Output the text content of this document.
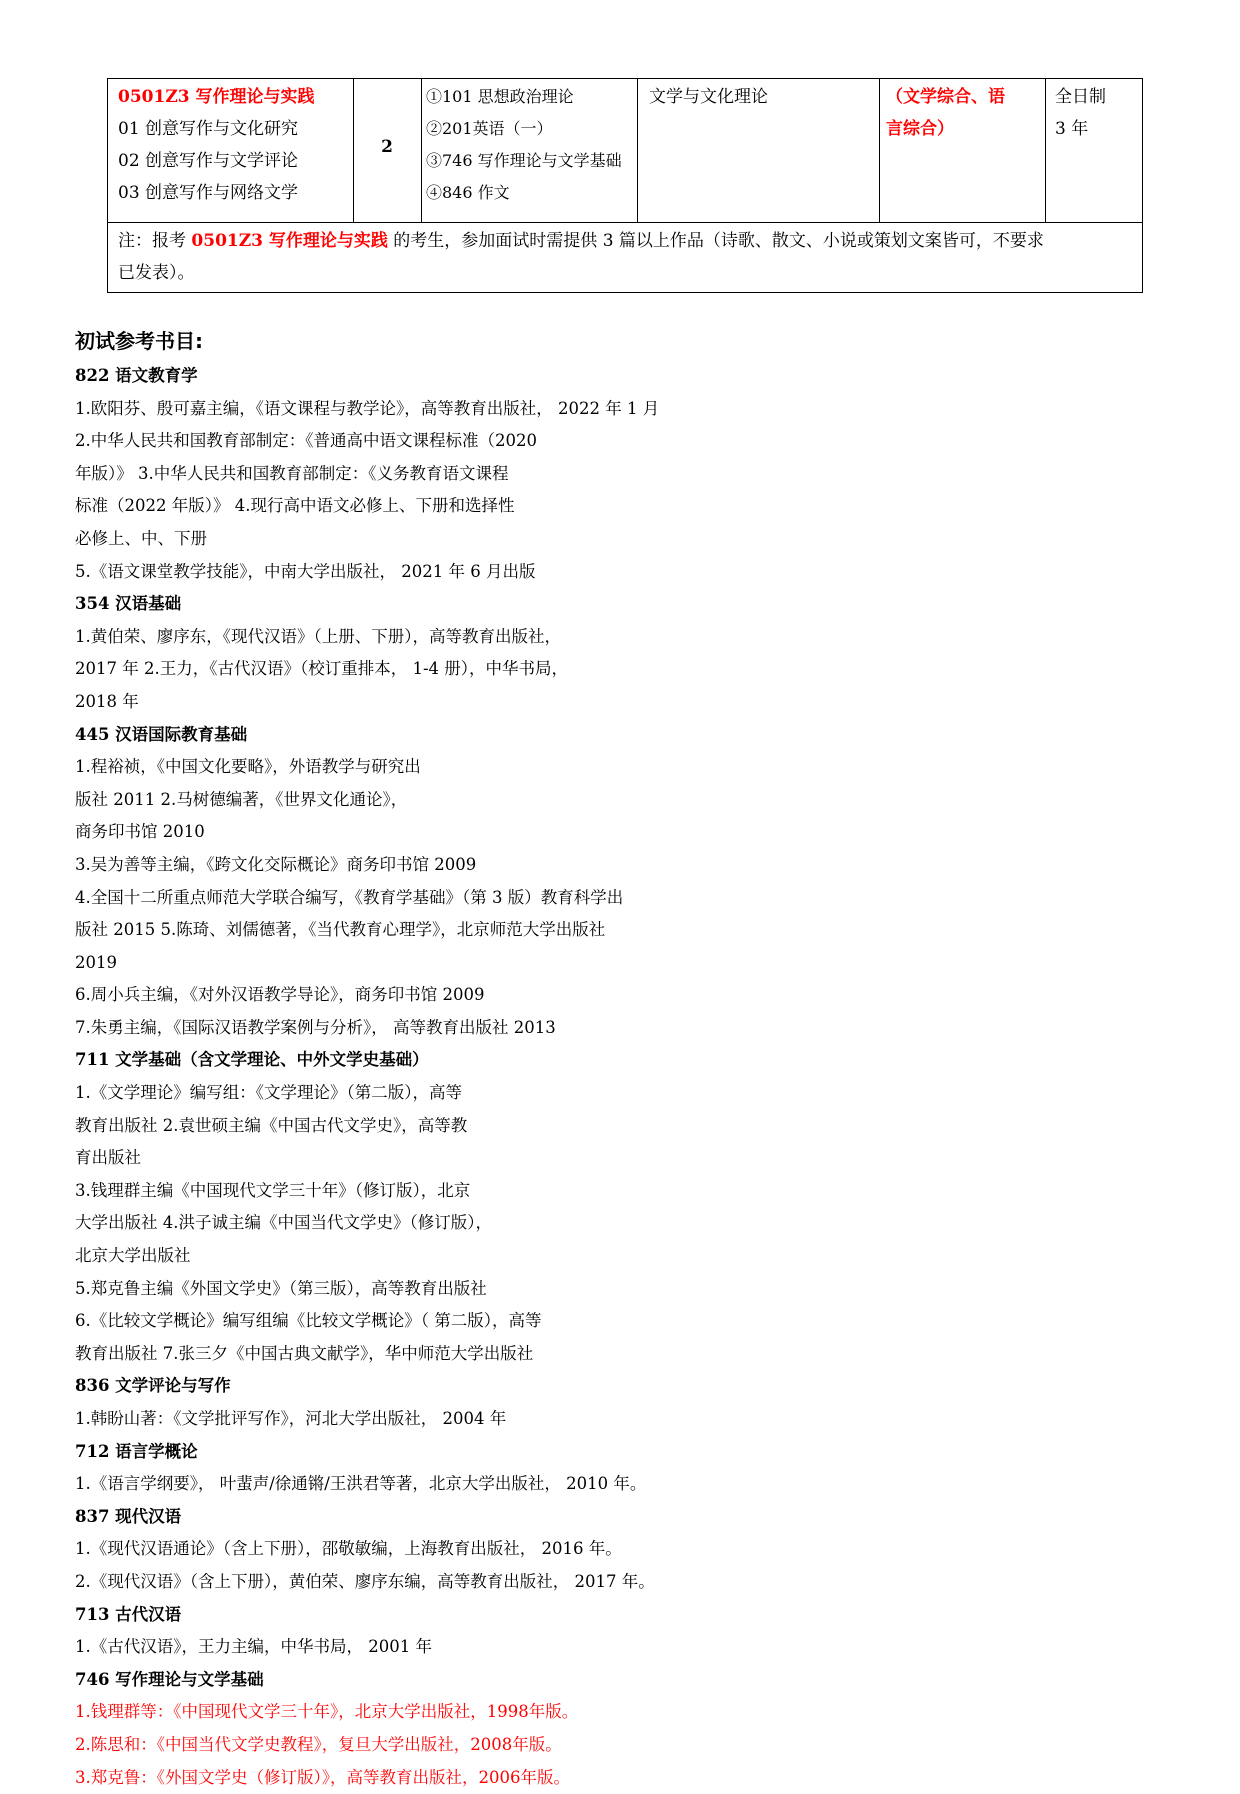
0501Z3 写作理论与实践
01 创意写作与文化研究
02 创意写作与文学评论
03 创意写作与网络文学
2
①101 思想政治理论
②201英语（一）
③746 写作理论与文学基础
④846 作文
文学与文化理论	（文学综合、语
言综合）
全日制
3 年
注：报考 0501Z3 写作理论与实践 的考生，参加面试时需提供 3 篇以上作品（诗歌、散文、小说或策划文案皆可，不要求
已发表）。
初试参考书目:
822 语文教育学
1.欧阳芬、殷可嘉主编，《语文课程与教学论》，高等教育出版社， 2022 年 1 月
2.中华人民共和国教育部制定：《普通高中语文课程标准（2020
年版）》 3.中华人民共和国教育部制定：《义务教育语文课程
标准（2022 年版）》 4.现行高中语文必修上、下册和选择性
必修上、中、下册
5.《语文课堂教学技能》，中南大学出版社， 2021 年 6 月出版
354 汉语基础
1.黄伯荣、廖序东，《现代汉语》（上册、下册），高等教育出版社，
2017 年 2.王力，《古代汉语》（校订重排本， 1-4 册），中华书局，
2018 年
445 汉语国际教育基础
1.程裕祯，《中国文化要略》，外语教学与研究出
版社 2011 2.马树德编著，《世界文化通论》，
商务印书馆 2010
3.吴为善等主编，《跨文化交际概论》商务印书馆 2009
4.全国十二所重点师范大学联合编写，《教育学基础》（第 3 版）教育科学出
版社 2015 5.陈琦、刘儒德著，《当代教育心理学》，北京师范大学出版社
2019
6.周小兵主编，《对外汉语教学导论》，商务印书馆 2009
7.朱勇主编，《国际汉语教学案例与分析》， 高等教育出版社 2013
711 文学基础（含文学理论、中外文学史基础）
1.《文学理论》编写组：《文学理论》（第二版），高等
教育出版社 2.袁世硕主编《中国古代文学史》，高等教
育出版社
3.钱理群主编《中国现代文学三十年》（修订版），北京
大学出版社 4.洪子诚主编《中国当代文学史》（修订版），
北京大学出版社
5.郑克鲁主编《外国文学史》（第三版），高等教育出版社
6.《比较文学概论》编写组编《比较文学概论》（ 第二版），高等
教育出版社 7.张三夕《中国古典文献学》，华中师范大学出版社
836 文学评论与写作
1.韩盼山著：《文学批评写作》，河北大学出版社， 2004 年
712 语言学概论
1.《语言学纲要》， 叶蜚声/徐通锵/王洪君等著，北京大学出版社， 2010 年。
837 现代汉语
1.《现代汉语通论》（含上下册），邵敬敏编，上海教育出版社， 2016 年。
2.《现代汉语》（含上下册），黄伯荣、廖序东编，高等教育出版社， 2017 年。
713 古代汉语
1.《古代汉语》，王力主编，中华书局， 2001 年
746 写作理论与文学基础
1.钱理群等：《中国现代文学三十年》，北京大学出版社，1998年版。
2.陈思和：《中国当代文学史教程》，复旦大学出版社，2008年版。
3.郑克鲁：《外国文学史（修订版）》，高等教育出版社，2006年版。
